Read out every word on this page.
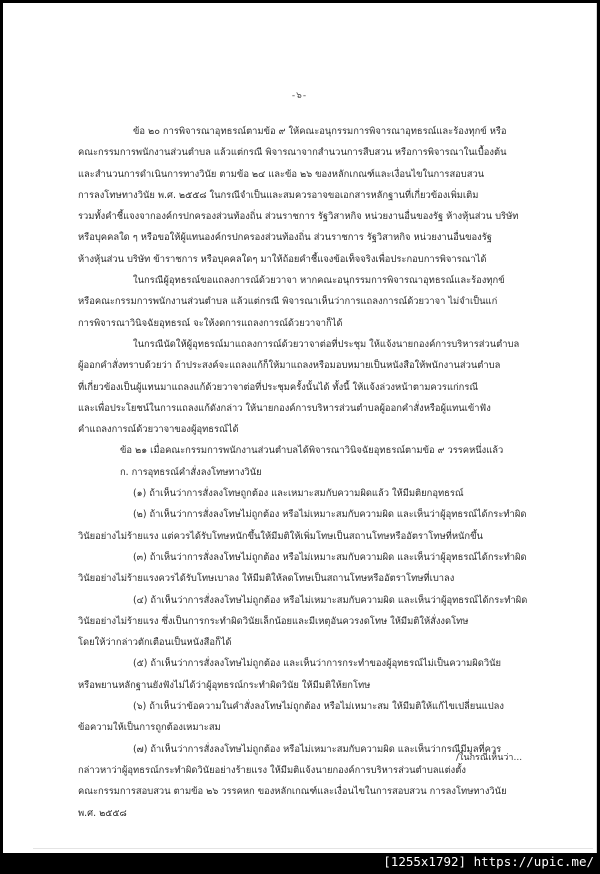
-๖-
ข้อ ๒๐ การพิจารณาอุทธรณ์ตามข้อ ๙ ให้คณะอนุกรรมการพิจารณาอุทธรณ์และร้องทุกข์ หรือ
คณะกรรมการพนักงานส่วนตำบล แล้วแต่กรณี พิจารณาจากสำนวนการสืบสวน หรือการพิจารณาในเบื้องต้น
และสำนวนการดำเนินการทางวินัย ตามข้อ ๒๔ และข้อ ๒๖ ของหลักเกณฑ์และเงื่อนไขในการสอบสวน
การลงโทษทางวินัย พ.ศ. ๒๕๕๘ ในกรณีจำเป็นและสมควรอาจขอเอกสารหลักฐานที่เกี่ยวข้องเพิ่มเติม
รวมทั้งคำชี้แจงจากองค์กรปกครองส่วนท้องถิ่น ส่วนราชการ รัฐวิสาหกิจ หน่วยงานอื่นของรัฐ ห้างหุ้นส่วน บริษัท
หรือบุคคลใด ๆ หรือขอให้ผู้แทนองค์กรปกครองส่วนท้องถิ่น ส่วนราชการ รัฐวิสาหกิจ หน่วยงานอื่นของรัฐ
ห้างหุ้นส่วน บริษัท ข้าราชการ หรือบุคคลใดๆ มาให้ถ้อยคำชี้แจงข้อเท็จจริงเพื่อประกอบการพิจารณาได้
ในกรณีผู้อุทธรณ์ขอแถลงการณ์ด้วยวาจา หากคณะอนุกรรมการพิจารณาอุทธรณ์และร้องทุกข์
หรือคณะกรรมการพนักงานส่วนตำบล แล้วแต่กรณี พิจารณาเห็นว่าการแถลงการณ์ด้วยวาจา ไม่จำเป็นแก่
การพิจารณาวินิจฉัยอุทธรณ์ จะให้งดการแถลงการณ์ด้วยวาจาก็ได้
ในกรณีนัดให้ผู้อุทธรณ์มาแถลงการณ์ด้วยวาจาต่อที่ประชุม ให้แจ้งนายกองค์การบริหารส่วนตำบล
ผู้ออกคำสั่งทราบด้วยว่า ถ้าประสงค์จะแถลงแก้ก็ให้มาแถลงหรือมอบหมายเป็นหนังสือให้พนักงานส่วนตำบล
ที่เกี่ยวข้องเป็นผู้แทนมาแถลงแก้ด้วยวาจาต่อที่ประชุมครั้งนั้นได้ ทั้งนี้ ให้แจ้งล่วงหน้าตามควรแก่กรณี
และเพื่อประโยชน์ในการแถลงแก้ดังกล่าว ให้นายกองค์การบริหารส่วนตำบลผู้ออกคำสั่งหรือผู้แทนเข้าฟัง
คำแถลงการณ์ด้วยวาจาของผู้อุทธรณ์ได้
ข้อ ๒๑ เมื่อคณะกรรมการพนักงานส่วนตำบลได้พิจารณาวินิจฉัยอุทธรณ์ตามข้อ ๙ วรรคหนึ่งแล้ว
ก. การอุทธรณ์คำสั่งลงโทษทางวินัย
(๑) ถ้าเห็นว่าการสั่งลงโทษถูกต้อง และเหมาะสมกับความผิดแล้ว ให้มีมติยกอุทธรณ์
(๒) ถ้าเห็นว่าการสั่งลงโทษไม่ถูกต้อง หรือไม่เหมาะสมกับความผิด และเห็นว่าผู้อุทธรณ์ได้กระทำผิด
วินัยอย่างไม่ร้ายแรง แต่ควรได้รับโทษหนักขึ้นให้มีมติให้เพิ่มโทษเป็นสถานโทษหรืออัตราโทษที่หนักขึ้น
(๓) ถ้าเห็นว่าการสั่งลงโทษไม่ถูกต้อง หรือไม่เหมาะสมกับความผิด และเห็นว่าผู้อุทธรณ์ได้กระทำผิด
วินัยอย่างไม่ร้ายแรงควรได้รับโทษเบาลง ให้มีมติให้ลดโทษเป็นสถานโทษหรืออัตราโทษที่เบาลง
(๔) ถ้าเห็นว่าการสั่งลงโทษไม่ถูกต้อง หรือไม่เหมาะสมกับความผิด และเห็นว่าผู้อุทธรณ์ได้กระทำผิด
วินัยอย่างไม่ร้ายแรง ซึ่งเป็นการกระทำผิดวินัยเล็กน้อยและมีเหตุอันควรงดโทษ ให้มีมติให้สั่งงดโทษ
โดยให้ว่ากล่าวตักเตือนเป็นหนังสือก็ได้
(๕) ถ้าเห็นว่าการสั่งลงโทษไม่ถูกต้อง และเห็นว่าการกระทำของผู้อุทธรณ์ไม่เป็นความผิดวินัย
หรือพยานหลักฐานยังฟังไม่ได้ว่าผู้อุทธรณ์กระทำผิดวินัย ให้มีมติให้ยกโทษ
(๖) ถ้าเห็นว่าข้อความในคำสั่งลงโทษไม่ถูกต้อง หรือไม่เหมาะสม ให้มีมติให้แก้ไขเปลี่ยนแปลง
ข้อความให้เป็นการถูกต้องเหมาะสม
(๗) ถ้าเห็นว่าการสั่งลงโทษไม่ถูกต้อง หรือไม่เหมาะสมกับความผิด และเห็นว่ากรณีมีมูลที่ควร
กล่าวหาว่าผู้อุทธรณ์กระทำผิดวินัยอย่างร้ายแรง ให้มีมติแจ้งนายกองค์การบริหารส่วนตำบลแต่งตั้ง
คณะกรรมการสอบสวน ตามข้อ ๒๖ วรรคหก ของหลักเกณฑ์และเงื่อนไขในการสอบสวน การลงโทษทางวินัย
พ.ศ. ๒๕๕๘
/ในกรณีเห็นว่า...
[1255x1792] https://upic.me/
